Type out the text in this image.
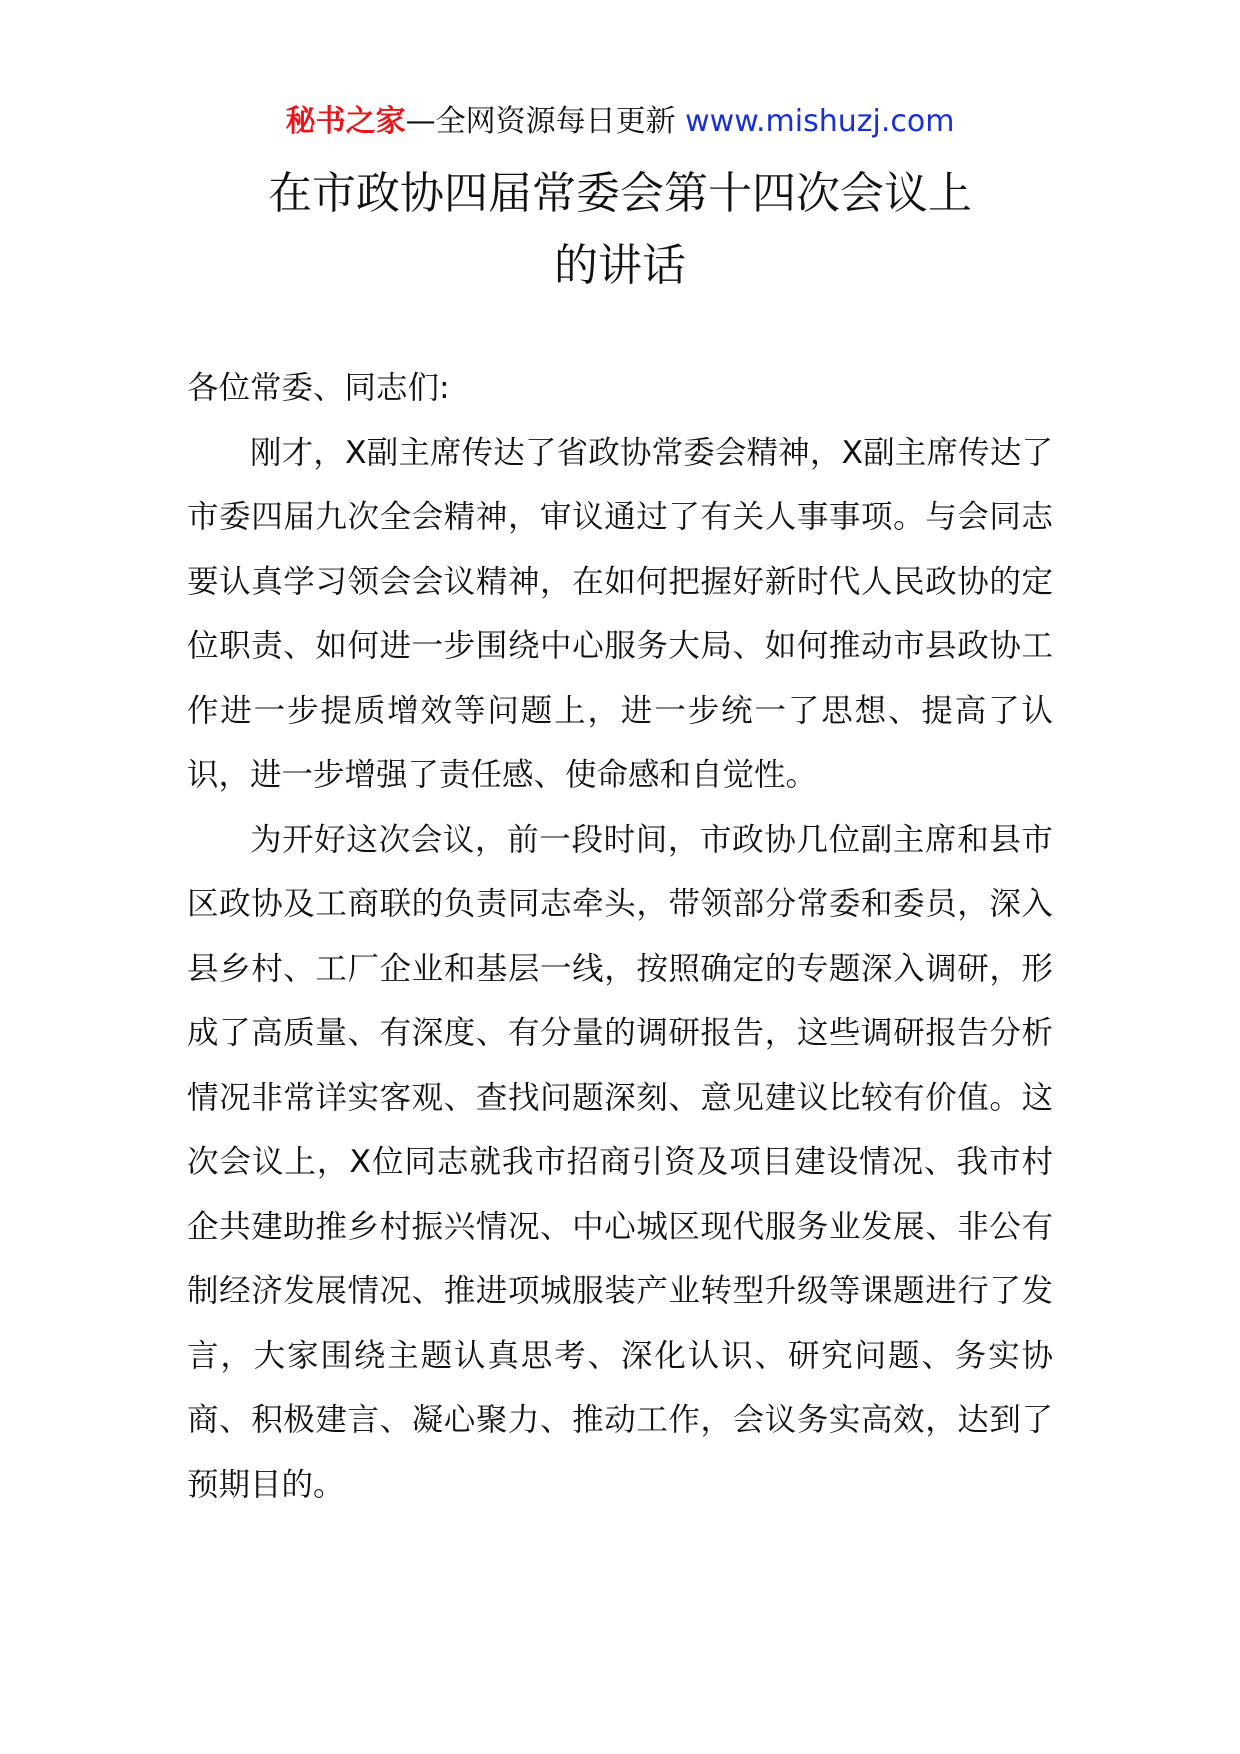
秘书之家—全网资源每日更新 www.mishuzj.com
在市政协四届常委会第十四次会议上
的讲话

各位常委、同志们:

刚才，X副主席传达了省政协常委会精神，X副主席传达了市委四届九次全会精神，审议通过了有关人事事项。与会同志要认真学习领会会议精神，在如何把握好新时代人民政协的定位职责、如何进一步围绕中心服务大局、如何推动市县政协工作进一步提质增效等问题上，进一步统一了思想、提高了认识，进一步增强了责任感、使命感和自觉性。

为开好这次会议，前一段时间，市政协几位副主席和县市区政协及工商联的负责同志牵头，带领部分常委和委员，深入县乡村、工厂企业和基层一线，按照确定的专题深入调研，形成了高质量、有深度、有分量的调研报告，这些调研报告分析情况非常详实客观、查找问题深刻、意见建议比较有价值。这次会议上，X位同志就我市招商引资及项目建设情况、我市村企共建助推乡村振兴情况、中心城区现代服务业发展、非公有制经济发展情况、推进项城服装产业转型升级等课题进行了发言，大家围绕主题认真思考、深化认识、研究问题、务实协商、积极建言、凝心聚力、推动工作，会议务实高效，达到了预期目的。
